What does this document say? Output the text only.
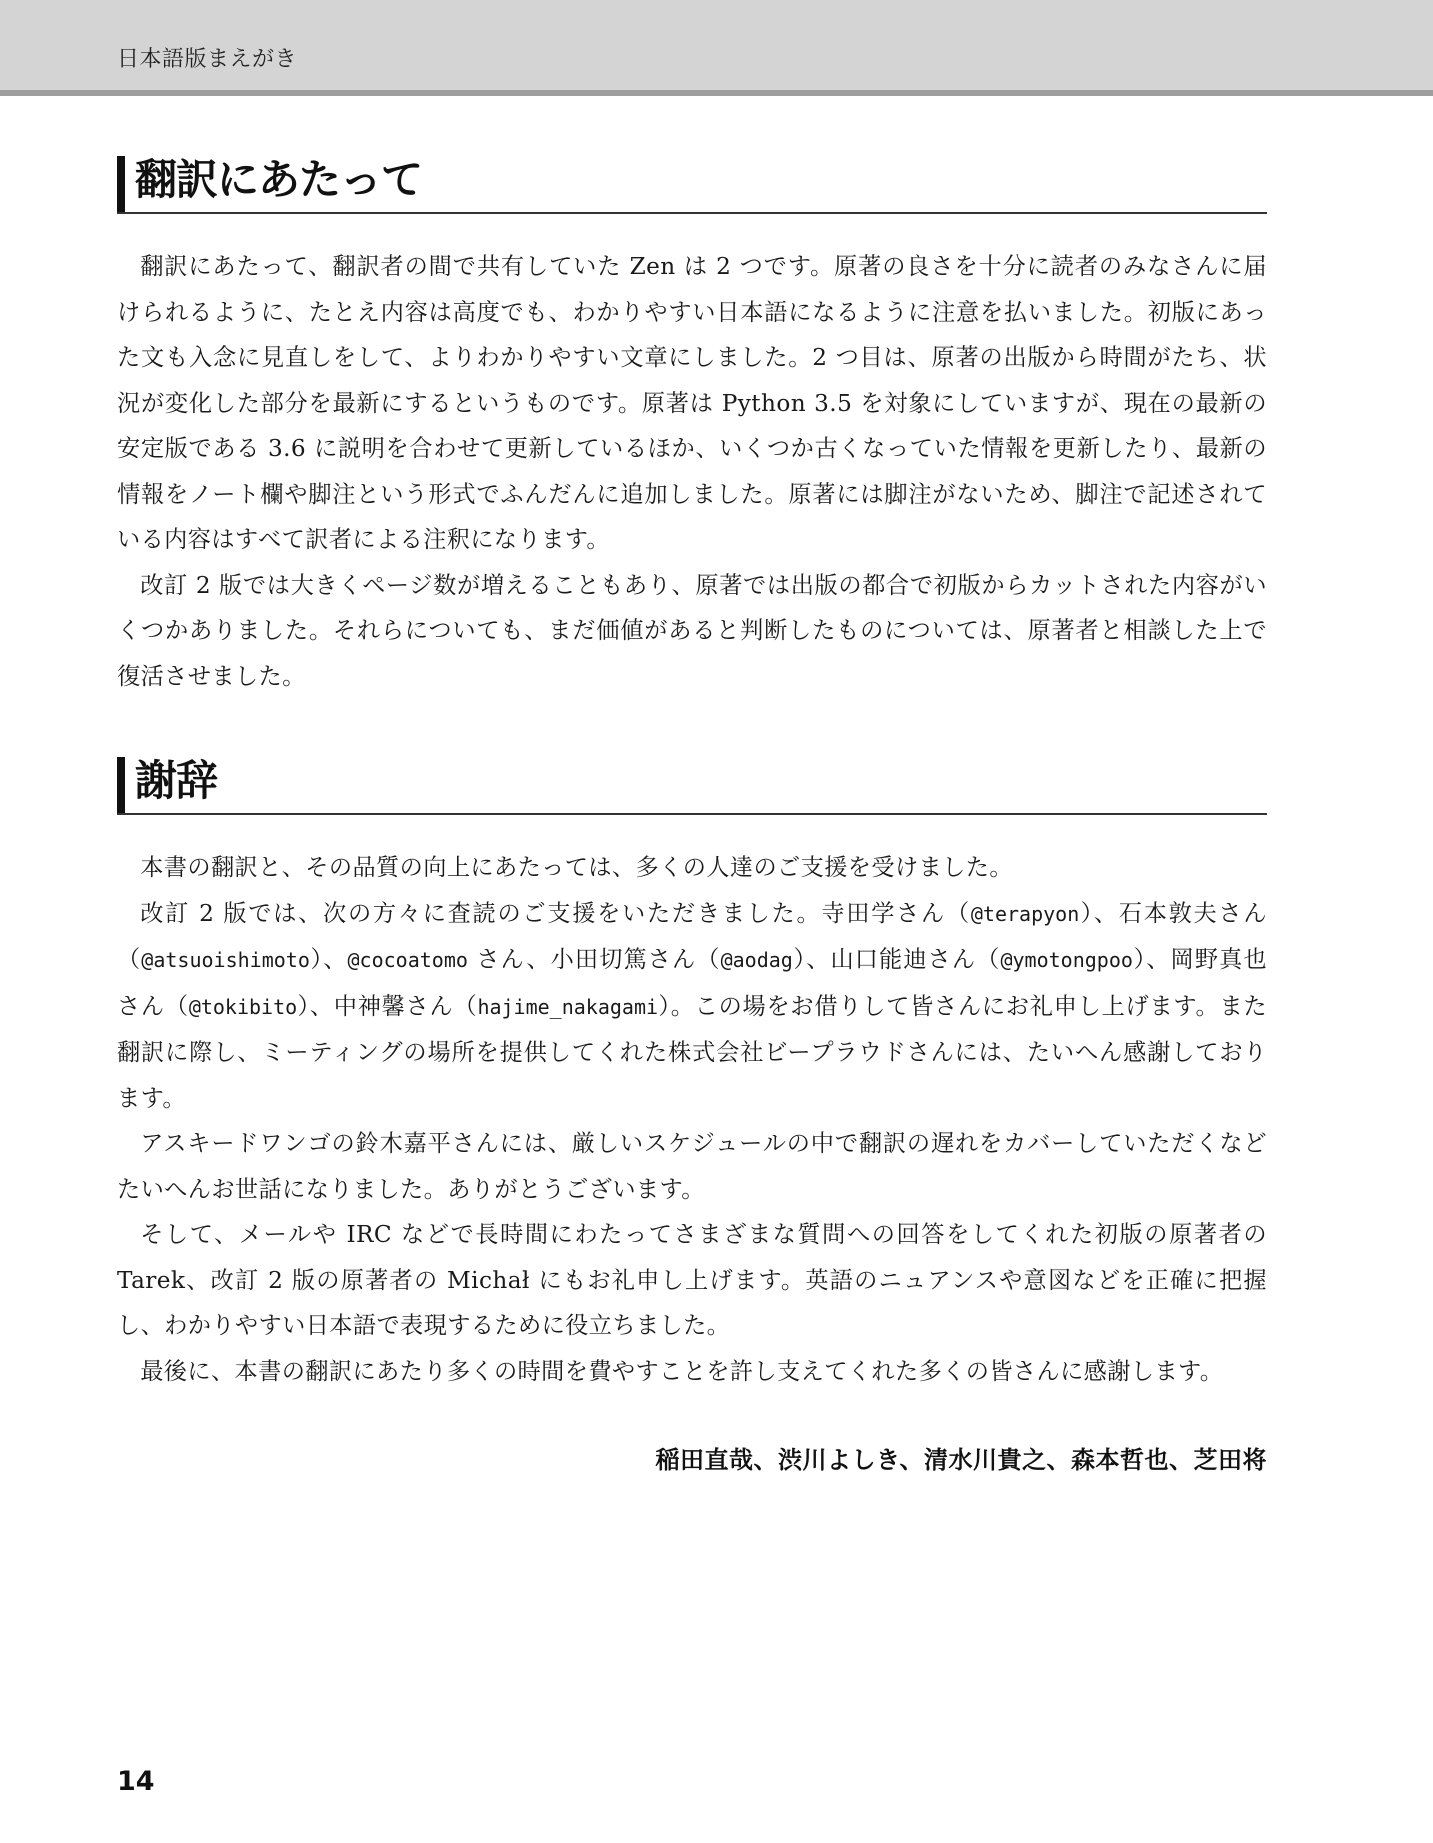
日本語版まえがき
翻訳にあたって

翻訳にあたって、翻訳者の間で共有していた Zen は 2 つです。原著の良さを十分に読者のみなさんに届けられるように、たとえ内容は高度でも、わかりやすい日本語になるように注意を払いました。初版にあった文も入念に見直しをして、よりわかりやすい文章にしました。2 つ目は、原著の出版から時間がたち、状況が変化した部分を最新にするというものです。原著は Python 3.5 を対象にしていますが、現在の最新の安定版である 3.6 に説明を合わせて更新しているほか、いくつか古くなっていた情報を更新したり、最新の情報をノート欄や脚注という形式でふんだんに追加しました。原著には脚注がないため、脚注で記述されている内容はすべて訳者による注釈になります。

改訂 2 版では大きくページ数が増えることもあり、原著では出版の都合で初版からカットされた内容がいくつかありました。それらについても、まだ価値があると判断したものについては、原著者と相談した上で復活させました。

謝辞

本書の翻訳と、その品質の向上にあたっては、多くの人達のご支援を受けました。

改訂 2 版では、次の方々に査読のご支援をいただきました。寺田学さん（@terapyon）、石本敦夫さん（@atsuoishimoto）、@cocoatomo さん、小田切篤さん（@aodag）、山口能迪さん（@ymotongpoo）、岡野真也さん（@tokibito）、中神馨さん（hajime_nakagami）。この場をお借りして皆さんにお礼申し上げます。また翻訳に際し、ミーティングの場所を提供してくれた株式会社ビープラウドさんには、たいへん感謝しております。

アスキードワンゴの鈴木嘉平さんには、厳しいスケジュールの中で翻訳の遅れをカバーしていただくなどたいへんお世話になりました。ありがとうございます。

そして、メールや IRC などで長時間にわたってさまざまな質問への回答をしてくれた初版の原著者の Tarek、改訂 2 版の原著者の Michał にもお礼申し上げます。英語のニュアンスや意図などを正確に把握し、わかりやすい日本語で表現するために役立ちました。

最後に、本書の翻訳にあたり多くの時間を費やすことを許し支えてくれた多くの皆さんに感謝します。

稲田直哉、渋川よしき、清水川貴之、森本哲也、芝田将
14
